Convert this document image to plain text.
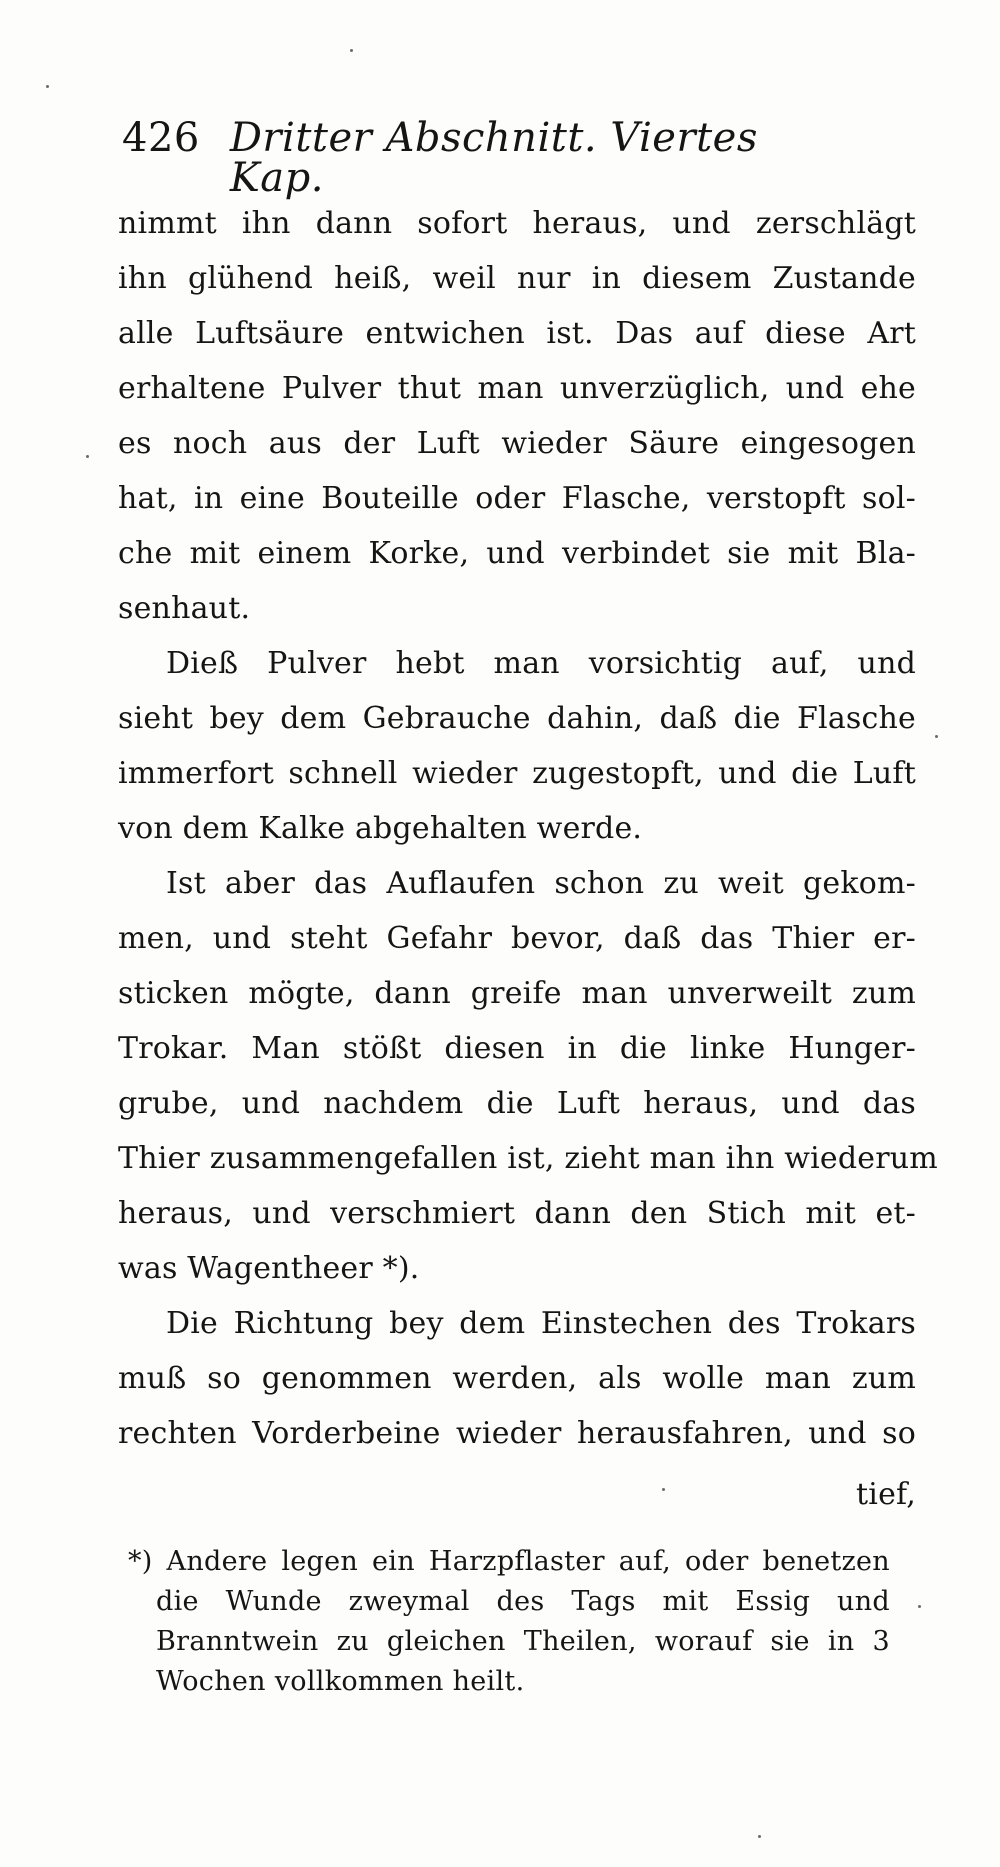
426 Dritter Abschnitt. Viertes Kap.
nimmt ihn dann sofort heraus, und zerschlägt
ihn glühend heiß, weil nur in diesem Zustande
alle Luftsäure entwichen ist. Das auf diese Art
erhaltene Pulver thut man unverzüglich, und ehe
es noch aus der Luft wieder Säure eingesogen
hat, in eine Bouteille oder Flasche, verstopft sol-
che mit einem Korke, und verbindet sie mit Bla-
senhaut.
Dieß Pulver hebt man vorsichtig auf, und
sieht bey dem Gebrauche dahin, daß die Flasche
immerfort schnell wieder zugestopft, und die Luft
von dem Kalke abgehalten werde.
Ist aber das Auflaufen schon zu weit gekom-
men, und steht Gefahr bevor, daß das Thier er-
sticken mögte, dann greife man unverweilt zum
Trokar. Man stößt diesen in die linke Hunger-
grube, und nachdem die Luft heraus, und das
Thier zusammengefallen ist, zieht man ihn wiederum
heraus, und verschmiert dann den Stich mit et-
was Wagentheer *).
Die Richtung bey dem Einstechen des Trokars
muß so genommen werden, als wolle man zum
rechten Vorderbeine wieder herausfahren, und so
tief,
*) Andere legen ein Harzpflaster auf, oder benetzen
die Wunde zweymal des Tags mit Essig und
Branntwein zu gleichen Theilen, worauf sie in 3
Wochen vollkommen heilt.
